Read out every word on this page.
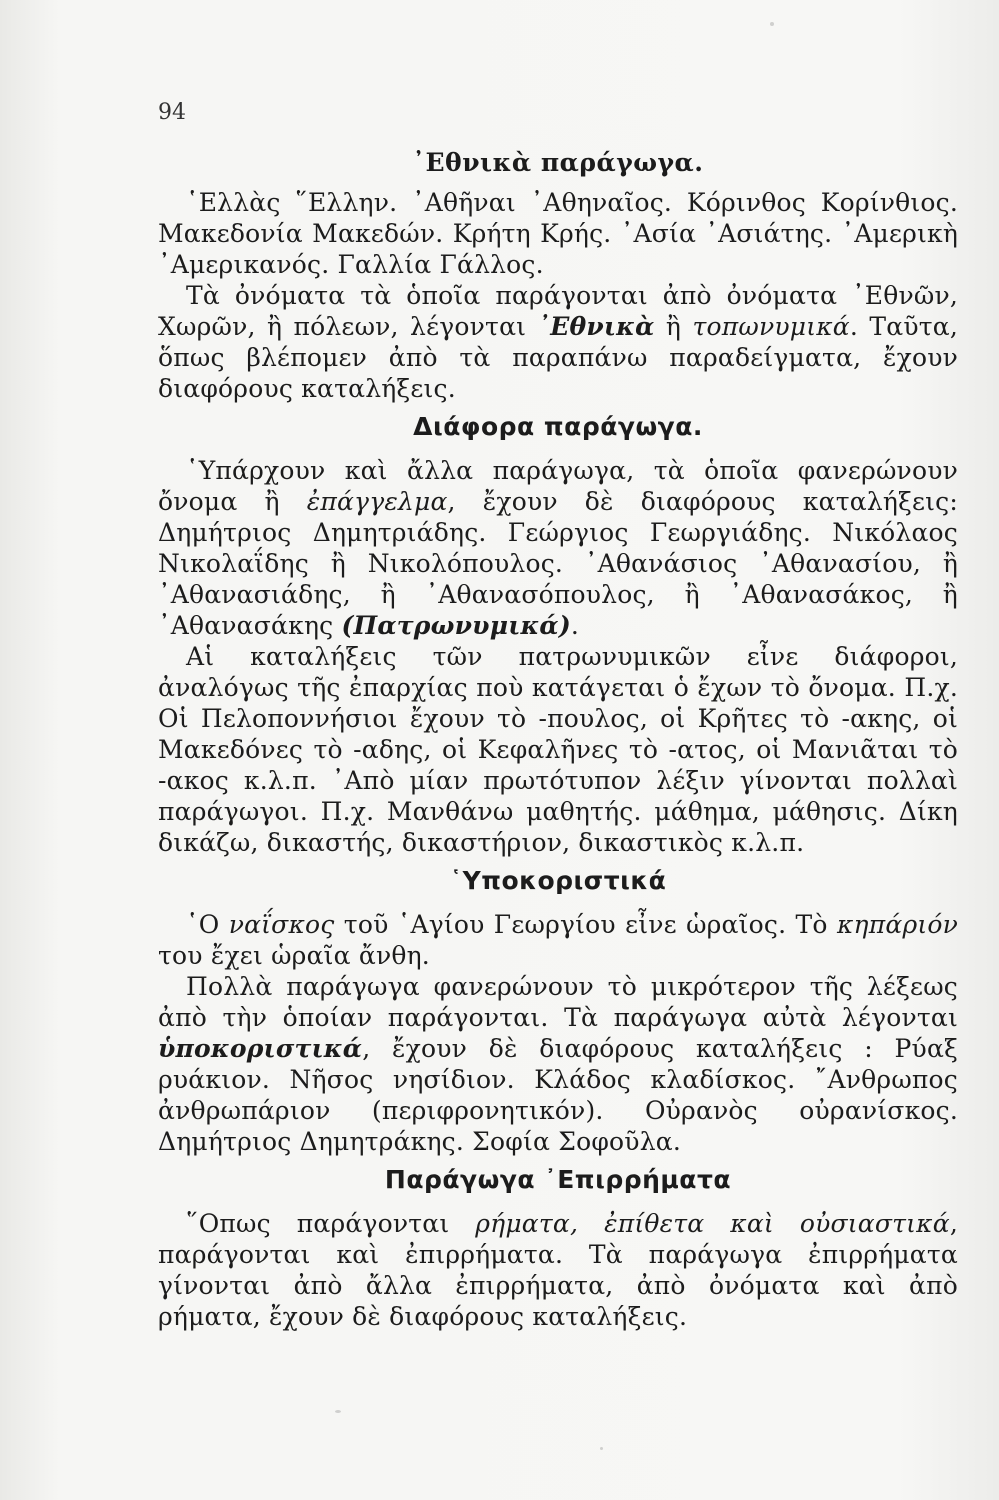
94
᾿Εθνικὰ παράγωγα.

῾Ελλὰς ῞Ελλην. ᾿Αθῆναι ᾿Αθηναῖος. Κόρινθος Κορίνθιος. Μακεδονία Μακεδών. Κρήτη Κρής. ᾿Ασία ᾿Ασιάτης. ᾿Αμερικὴ ᾿Αμερικανός. Γαλλία Γάλλος.

Τὰ ὀνόματα τὰ ὁποῖα παράγονται ἀπὸ ὀνόματα ᾿Εθνῶν, Χωρῶν, ἢ πόλεων, λέγονται ᾿Εθνικὰ ἢ τοπωνυμικά. Ταῦτα, ὅπως βλέπομεν ἀπὸ τὰ παραπάνω παραδείγματα, ἔχουν διαφόρους καταλήξεις.

Διάφορα παράγωγα.

῾Υπάρχουν καὶ ἄλλα παράγωγα, τὰ ὁποῖα φανερώνουν ὄνομα ἢ ἐπάγγελμα, ἔχουν δὲ διαφόρους καταλήξεις: Δημήτριος Δημητριάδης. Γεώργιος Γεωργιάδης. Νικόλαος Νικολαΐδης ἢ Νικολόπουλος. ᾿Αθανάσιος ᾿Αθανασίου, ἢ ᾿Αθανασιάδης, ἢ ᾿Αθανασόπουλος, ἢ ᾿Αθανασάκος, ἢ ᾿Αθανασάκης (Πατρωνυμικά).

Αἱ καταλήξεις τῶν πατρωνυμικῶν εἶνε διάφοροι, ἀναλόγως τῆς ἐπαρχίας ποὺ κατάγεται ὁ ἔχων τὸ ὄνομα. Π.χ. Οἱ Πελοποννήσιοι ἔχουν τὸ -πουλος, οἱ Κρῆτες τὸ -ακης, οἱ Μακεδόνες τὸ -αδης, οἱ Κεφαλῆνες τὸ -ατος, οἱ Μανιᾶται τὸ -ακος κ.λ.π. ᾿Απὸ μίαν πρωτότυπον λέξιν γίνονται πολλαὶ παράγωγοι. Π.χ. Μανθάνω μαθητής. μάθημα, μάθησις. Δίκη δικάζω, δικαστής, δικαστήριον, δικαστικὸς κ.λ.π.

῾Υποκοριστικά

῾Ο ναΐσκος τοῦ ῾Αγίου Γεωργίου εἶνε ὡραῖος. Τὸ κηπάριόν του ἔχει ὡραῖα ἄνθη.

Πολλὰ παράγωγα φανερώνουν τὸ μικρότερον τῆς λέξεως ἀπὸ τὴν ὁποίαν παράγονται. Τὰ παράγωγα αὐτὰ λέγονται ὑποκοριστικά, ἔχουν δὲ διαφόρους καταλήξεις : Ρύαξ ρυάκιον. Νῆσος νησίδιον. Κλάδος κλαδίσκος. ῎Ανθρωπος ἀνθρωπάριον (περιφρονητικόν). Οὐρανὸς οὐρανίσκος. Δημήτριος Δημητράκης. Σοφία Σοφοῦλα.

Παράγωγα ᾿Επιρρήματα

῞Οπως παράγονται ρήματα, ἐπίθετα καὶ οὐσιαστικά, παράγονται καὶ ἐπιρρήματα. Τὰ παράγωγα ἐπιρρήματα γίνονται ἀπὸ ἄλλα ἐπιρρήματα, ἀπὸ ὀνόματα καὶ ἀπὸ ρήματα, ἔχουν δὲ διαφόρους καταλήξεις.
